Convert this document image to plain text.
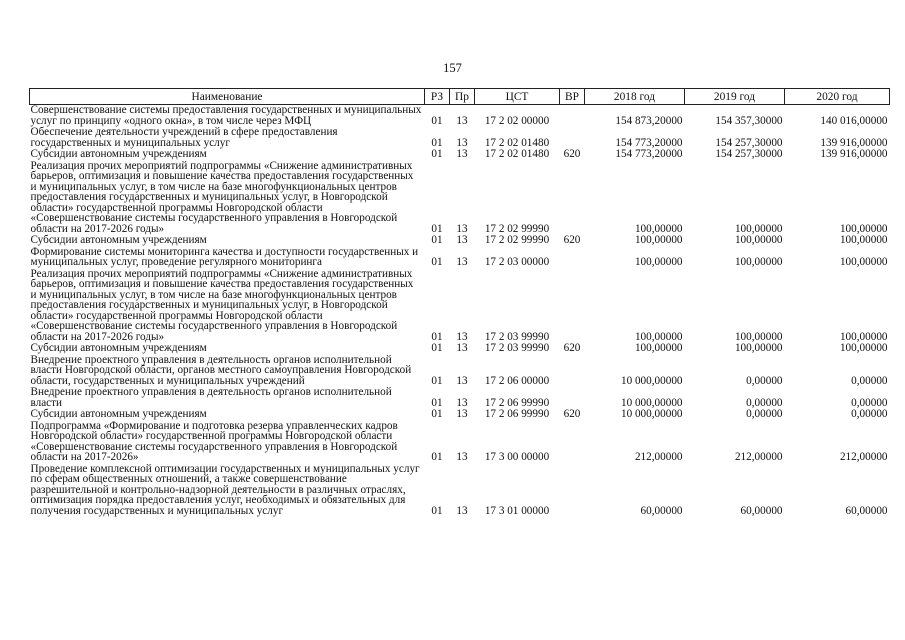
157
Наименование	РЗ	Пр	ЦСТ	ВР	2018 год	2019 год	2020 год
Совершенствование системы предоставления государственных и муниципальных услуг по принципу «одного окна», в том числе через МФЦ	01	13	17 2 02 00000		154 873,20000	154 357,30000	140 016,00000
Обеспечение деятельности учреждений в сфере предоставления государственных и муниципальных услуг	01	13	17 2 02 01480		154 773,20000	154 257,30000	139 916,00000
Субсидии автономным учреждениям	01	13	17 2 02 01480	620	154 773,20000	154 257,30000	139 916,00000
Реализация прочих мероприятий подпрограммы «Снижение административных барьеров, оптимизация и повышение качества предоставления государственных и муниципальных услуг, в том числе на базе многофункциональных центров предоставления государственных и муниципальных услуг, в Новгородской области» государственной программы Новгородской области «Совершенствование системы государственного управления в Новгородской области на 2017-2026 годы»	01	13	17 2 02 99990		100,00000	100,00000	100,00000
Субсидии автономным учреждениям	01	13	17 2 02 99990	620	100,00000	100,00000	100,00000
Формирование системы мониторинга качества и доступности государственных и муниципальных услуг, проведение регулярного мониторинга	01	13	17 2 03 00000		100,00000	100,00000	100,00000
Реализация прочих мероприятий подпрограммы «Снижение административных барьеров, оптимизация и повышение качества предоставления государственных и муниципальных услуг, в том числе на базе многофункциональных центров предоставления государственных и муниципальных услуг, в Новгородской области» государственной программы Новгородской области «Совершенствование системы государственного управления в Новгородской области на 2017-2026 годы»	01	13	17 2 03 99990		100,00000	100,00000	100,00000
Субсидии автономным учреждениям	01	13	17 2 03 99990	620	100,00000	100,00000	100,00000
Внедрение проектного управления в деятельность органов исполнительной власти Новгородской области, органов местного самоуправления Новгородской области, государственных и муниципальных учреждений	01	13	17 2 06 00000		10 000,00000	0,00000	0,00000
Внедрение проектного управления в деятельность органов исполнительной власти	01	13	17 2 06 99990		10 000,00000	0,00000	0,00000
Субсидии автономным учреждениям	01	13	17 2 06 99990	620	10 000,00000	0,00000	0,00000
Подпрограмма «Формирование и подготовка резерва управленческих кадров Новгородской области» государственной программы Новгородской области «Совершенствование системы государственного управления в Новгородской области на 2017-2026»	01	13	17 3 00 00000		212,00000	212,00000	212,00000
Проведение комплексной оптимизации государственных и муниципальных услуг по сферам общественных отношений, а также совершенствование разрешительной и контрольно-надзорной деятельности в различных отраслях, оптимизация порядка предоставления услуг, необходимых и обязательных для получения государственных и муниципальных услуг	01	13	17 3 01 00000		60,00000	60,00000	60,00000
